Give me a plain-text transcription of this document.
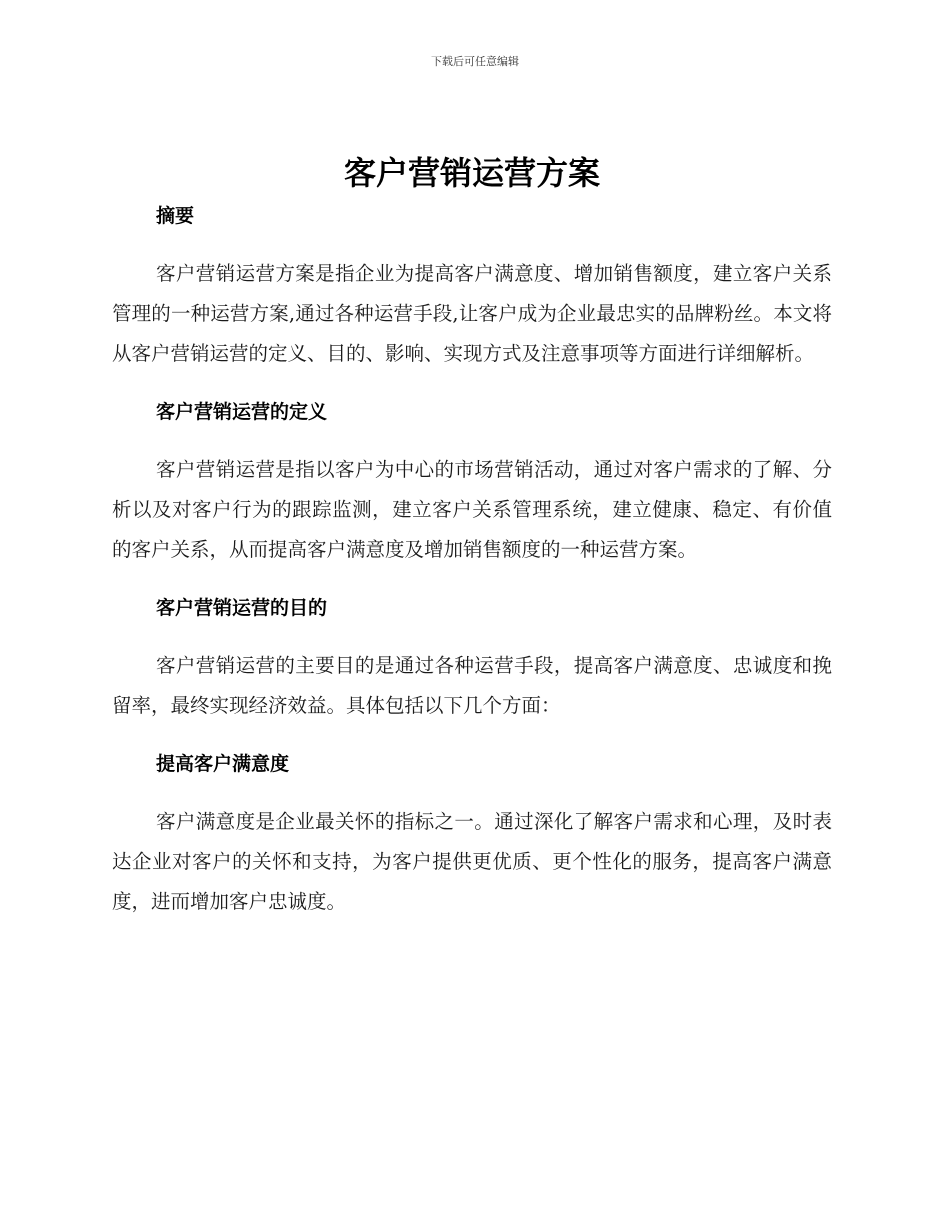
下载后可任意编辑
客户营销运营方案
摘要

客户营销运营方案是指企业为提高客户满意度、增加销售额度，建立客户关系管理的一种运营方案,通过各种运营手段,让客户成为企业最忠实的品牌粉丝。本文将从客户营销运营的定义、目的、影响、实现方式及注意事项等方面进行详细解析。

客户营销运营的定义

客户营销运营是指以客户为中心的市场营销活动，通过对客户需求的了解、分析以及对客户行为的跟踪监测，建立客户关系管理系统，建立健康、稳定、有价值的客户关系，从而提高客户满意度及增加销售额度的一种运营方案。

客户营销运营的目的

客户营销运营的主要目的是通过各种运营手段，提高客户满意度、忠诚度和挽留率，最终实现经济效益。具体包括以下几个方面：

提高客户满意度

客户满意度是企业最关怀的指标之一。通过深化了解客户需求和心理，及时表达企业对客户的关怀和支持，为客户提供更优质、更个性化的服务，提高客户满意度，进而增加客户忠诚度。
